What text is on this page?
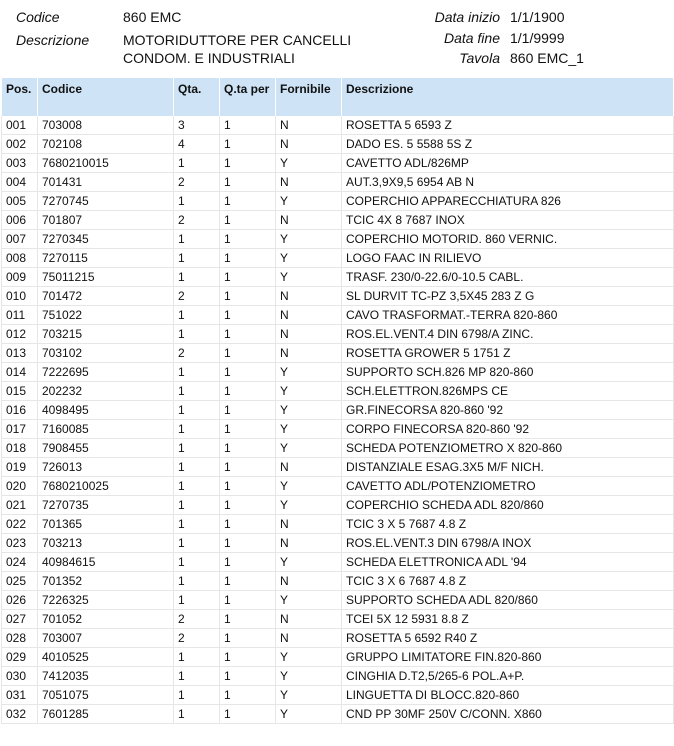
Codice	860 EMC
Descrizione MOTORIDUTTORE PER CANCELLI
CONDOM. E INDUSTRIALI
Data inizio 1/1/1900
Data fine 1/1/9999
Tavola 860 EMC_1
Pos.	Codice	Qta.	Q.ta per	Fornibile	Descrizione
001	703008	3	1	N	ROSETTA 5 6593 Z
002	702108	4	1	N	DADO ES. 5 5588 5S Z
003	7680210015	1	1	Y	CAVETTO ADL/826MP
004	701431	2	1	N	AUT.3,9X9,5 6954 AB N
005	7270745	1	1	Y	COPERCHIO APPARECCHIATURA 826
006	701807	2	1	N	TCIC 4X 8 7687 INOX
007	7270345	1	1	Y	COPERCHIO MOTORID. 860 VERNIC.
008	7270115	1	1	Y	LOGO FAAC IN RILIEVO
009	75011215	1	1	Y	TRASF. 230/0-22.6/0-10.5 CABL.
010	701472	2	1	N	SL DURVIT TC-PZ 3,5X45 283 Z G
011	751022	1	1	N	CAVO TRASFORMAT.-TERRA 820-860
012	703215	1	1	N	ROS.EL.VENT.4 DIN 6798/A ZINC.
013	703102	2	1	N	ROSETTA GROWER 5 1751 Z
014	7222695	1	1	Y	SUPPORTO SCH.826 MP 820-860
015	202232	1	1	Y	SCH.ELETTRON.826MPS CE
016	4098495	1	1	Y	GR.FINECORSA 820-860 '92
017	7160085	1	1	Y	CORPO FINECORSA 820-860 '92
018	7908455	1	1	Y	SCHEDA POTENZIOMETRO X 820-860
019	726013	1	1	N	DISTANZIALE ESAG.3X5 M/F NICH.
020	7680210025	1	1	Y	CAVETTO ADL/POTENZIOMETRO
021	7270735	1	1	Y	COPERCHIO SCHEDA ADL 820/860
022	701365	1	1	N	TCIC 3 X 5 7687 4.8 Z
023	703213	1	1	N	ROS.EL.VENT.3 DIN 6798/A INOX
024	40984615	1	1	Y	SCHEDA ELETTRONICA ADL '94
025	701352	1	1	N	TCIC 3 X 6 7687 4.8 Z
026	7226325	1	1	Y	SUPPORTO SCHEDA ADL 820/860
027	701052	2	1	N	TCEI 5X 12 5931 8.8 Z
028	703007	2	1	N	ROSETTA 5 6592 R40 Z
029	4010525	1	1	Y	GRUPPO LIMITATORE FIN.820-860
030	7412035	1	1	Y	CINGHIA D.T2,5/265-6 POL.A+P.
031	7051075	1	1	Y	LINGUETTA DI BLOCC.820-860
032	7601285	1	1	Y	CND PP 30MF 250V C/CONN. X860
